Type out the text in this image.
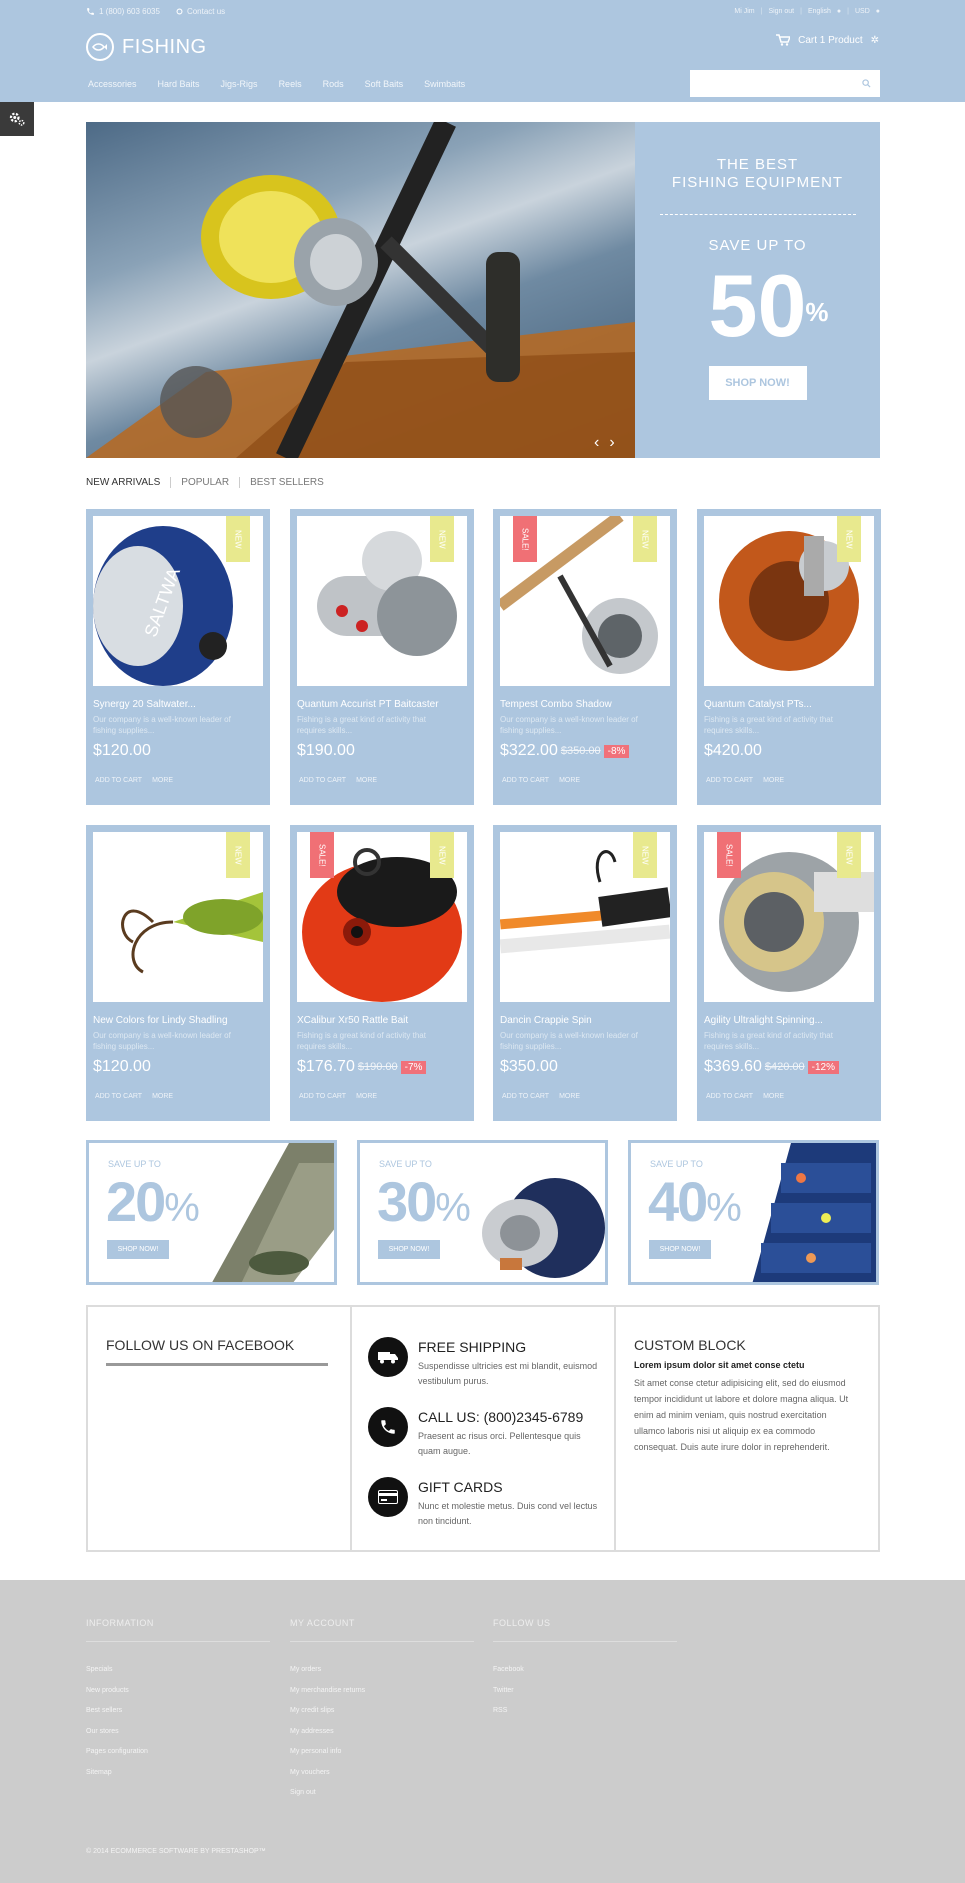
1 (800) 603 6035	Contact us	Mi Jim | Sign out | English ● | USD ●
FISHING	Cart 1 Product ✲
Accessories Hard Baits Jigs-Rigs Reels Rods Soft Baits Swimbaits
‹ ›
THE BEST
FISHING EQUIPMENT
SAVE UP TO
50
%
SHOP NOW!
NEW ARRIVALS	POPULAR	BEST SELLERS
SALTWA
NEW
Synergy 20 Saltwater...
Our company is a well-known leader of fishing supplies...
$120.00
ADD TO CART MORE
NEW
Quantum Accurist PT Baitcaster
Fishing is a great kind of activity that requires skills...
$190.00
ADD TO CART MORE
SALE!	NEW
Tempest Combo Shadow
Our company is a well-known leader of fishing supplies...
$322.00 $350.00 -8%
ADD TO CART MORE
NEW
Quantum Catalyst PTs...
Fishing is a great kind of activity that requires skills...
$420.00
ADD TO CART MORE
NEW
New Colors for Lindy Shadling
Our company is a well-known leader of fishing supplies...
$120.00
ADD TO CART MORE
SALE!	NEW
XCalibur Xr50 Rattle Bait
Fishing is a great kind of activity that requires skills...
$176.70 $190.00 -7%
ADD TO CART MORE
NEW
Dancin Crappie Spin
Our company is a well-known leader of fishing supplies...
$350.00
ADD TO CART MORE
SALE!	NEW
Agility Ultralight Spinning...
Fishing is a great kind of activity that requires skills...
$369.60 $420.00 -12%
ADD TO CART MORE
SAVE UP TO
20%
SHOP NOW!
SAVE UP TO
30%
SHOP NOW!
SAVE UP TO
40%
SHOP NOW!
FOLLOW US ON FACEBOOK	FREE SHIPPING
Suspendisse ultricies est mi blandit, euismod vestibulum purus.
CALL US: (800)2345-6789
Praesent ac risus orci. Pellentesque quis quam augue.
GIFT CARDS
Nunc et molestie metus. Duis cond vel lectus non tincidunt.
CUSTOM BLOCK
Lorem ipsum dolor sit amet conse ctetu
Sit amet conse ctetur adipisicing elit, sed do eiusmod tempor incididunt ut labore et dolore magna aliqua. Ut enim ad minim veniam, quis nostrud exercitation ullamco laboris nisi ut aliquip ex ea commodo consequat. Duis aute irure dolor in reprehenderit.
INFORMATION
Specials
New products
Best sellers
Our stores
Pages configuration
Sitemap
MY ACCOUNT
My orders
My merchandise returns
My credit slips
My addresses
My personal info
My vouchers
Sign out
FOLLOW US
Facebook
Twitter
RSS
© 2014 ECOMMERCE SOFTWARE BY PRESTASHOP™
